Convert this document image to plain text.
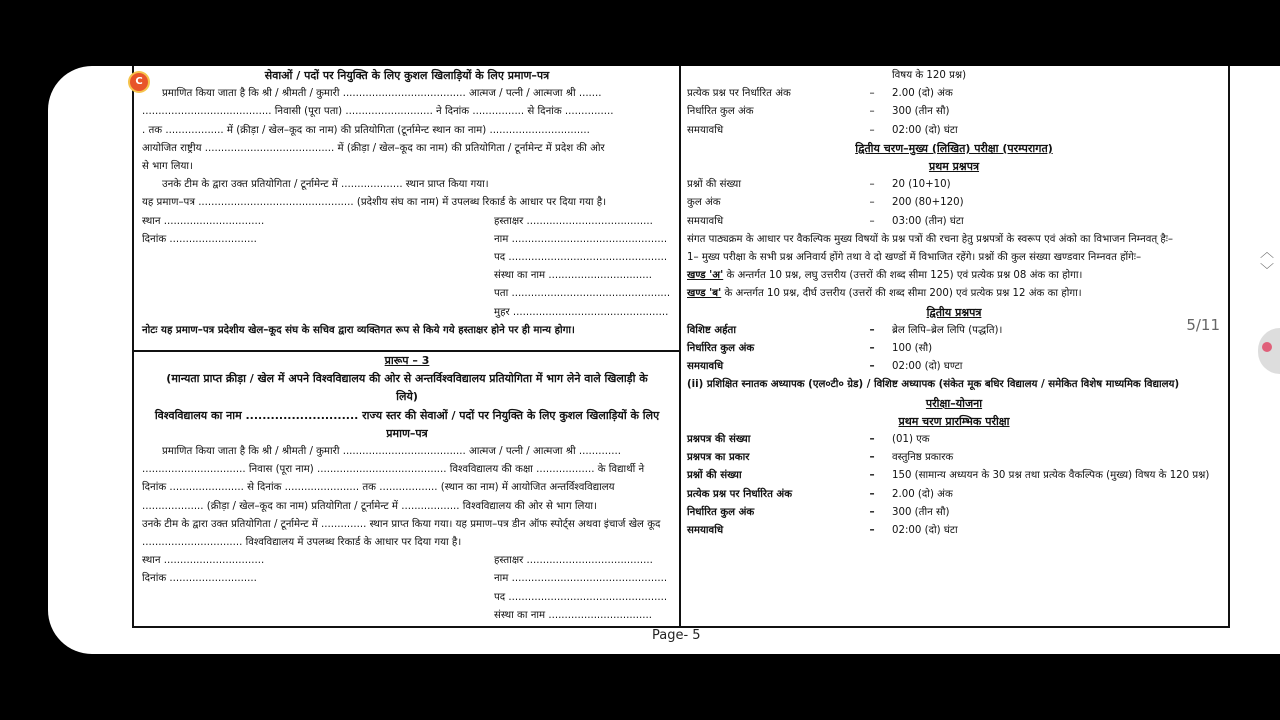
सेवाओं / पदों पर नियुक्ति के लिए कुशल खिलाड़ियों के लिए प्रमाण–पत्र
प्रमाणित किया जाता है कि श्री / श्रीमती / कुमारी ...................................... आत्मज / पत्नी / आत्मजा श्री .......
........................................ निवासी (पूरा पता) ........................... ने दिनांक ................ से दिनांक ...............
. तक .................. में (क्रीड़ा / खेल–कूद का नाम) की प्रतियोगिता (टूर्नामेन्ट स्थान का नाम) ...............................
आयोजित राष्ट्रीय ........................................ में (क्रीड़ा / खेल–कूद का नाम) की प्रतियोगिता / टूर्नामेन्ट में प्रदेश की ओर
से भाग लिया।
उनके टीम के द्वारा उक्त प्रतियोगिता / टूर्नामेन्ट में ................... स्थान प्राप्त किया गया।
यह प्रमाण–पत्र ................................................ (प्रदेशीय संघ का नाम) में उपलब्ध रिकार्ड के आधार पर दिया गया है।
स्थान ...............................	हस्ताक्षर .......................................
दिनांक ...........................	नाम ................................................
पद .................................................
संस्था का नाम ................................
पता .................................................
मुहर ................................................
नोटः यह प्रमाण–पत्र प्रदेशीय खेल–कूद संघ के सचिव द्वारा व्यक्तिगत रूप से किये गये हस्ताक्षर होने पर ही मान्य होगा।
प्रारूप – 3
(मान्यता प्राप्त क्रीड़ा / खेल में अपने विश्वविद्यालय की ओर से अन्तर्विश्वविद्यालय प्रतियोगिता में भाग लेने वाले खिलाड़ी के लिये)
विश्वविद्यालय का नाम ........................... राज्य स्तर की सेवाओं / पदों पर नियुक्ति के लिए कुशल खिलाड़ियों के लिए प्रमाण–पत्र
प्रमाणित किया जाता है कि श्री / श्रीमती / कुमारी ...................................... आत्मज / पत्नी / आत्मजा श्री .............
................................ निवास (पूरा नाम) ........................................ विश्वविद्यालय की कक्षा .................. के विद्यार्थी ने
दिनांक ....................... से दिनांक ....................... तक .................. (स्थान का नाम) में आयोजित अन्तर्विश्वविद्यालय
................... (क्रीड़ा / खेल–कूद का नाम) प्रतियोगिता / टूर्नामेन्ट में .................. विश्वविद्यालय की ओर से भाग लिया।
उनके टीम के द्वारा उक्त प्रतियोगिता / टूर्नामेन्ट में .............. स्थान प्राप्त किया गया। यह प्रमाण–पत्र डीन ऑफ स्पोर्ट्स अथवा इंचार्ज खेल कूद ............................... विश्वविद्यालय में उपलब्ध रिकार्ड के आधार पर दिया गया है।
स्थान ...............................	हस्ताक्षर .......................................
दिनांक ...........................	नाम ................................................
पद .................................................
संस्था का नाम ................................
विषय के 120 प्रश्न)
प्रत्येक प्रश्न पर निर्धारित अंक	–	2.00 (दो) अंक
निर्धारित कुल अंक	–	300 (तीन सौ)
समयावधि	–	02:00 (दो) घंटा
द्वितीय चरण–मुख्य (लिखित) परीक्षा (परम्परागत)
प्रथम प्रश्नपत्र
प्रश्नों की संख्या	–	20 (10+10)
कुल अंक	–	200 (80+120)
समयावधि	–	03:00 (तीन) घंटा
संगत पाठ्यक्रम के आधार पर वैकल्पिक मुख्य विषयों के प्रश्न पत्रों की रचना हेतु प्रश्नपत्रों के स्वरूप एवं अंको का विभाजन निम्नवत् हैः–
1– मुख्य परीक्षा के सभी प्रश्न अनिवार्य होंगे तथा वे दो खण्डों में विभाजित रहेंगे। प्रश्नों की कुल संख्या खण्डवार निम्नवत होंगेः–
खण्ड 'अ' के अन्तर्गत 10 प्रश्न, लघु उत्तरीय (उत्तरों की शब्द सीमा 125) एवं प्रत्येक प्रश्न 08 अंक का होगा।
खण्ड 'ब' के अन्तर्गत 10 प्रश्न, दीर्घ उत्तरीय (उत्तरों की शब्द सीमा 200) एवं प्रत्येक प्रश्न 12 अंक का होगा।
द्वितीय प्रश्नपत्र
विशिष्ट अर्हता	–	ब्रेल लिपि–ब्रेल लिपि (पद्धति)।
निर्धारित कुल अंक	–	100 (सौ)
समयावधि	–	02:00 (दो) घण्टा
(ii) प्रशिक्षित स्नातक अध्यापक (एल०टी० ग्रेड) / विशिष्ट अध्यापक (संकेत मूक बधिर विद्यालय / समेकित विशेष माध्यमिक विद्यालय)
परीक्षा–योजना
प्रथम चरण प्रारम्भिक परीक्षा
प्रश्नपत्र की संख्या	–	(01) एक
प्रश्नपत्र का प्रकार	–	वस्तुनिष्ठ प्रकारक
प्रश्नों की संख्या	–	150 (सामान्य अध्ययन के 30 प्रश्न तथा प्रत्येक वैकल्पिक (मुख्य) विषय के 120 प्रश्न)
प्रत्येक प्रश्न पर निर्धारित अंक	–	2.00 (दो) अंक
निर्धारित कुल अंक	–	300 (तीन सौ)
समयावधि	–	02:00 (दो) घंटा
C
Page- 5
5/11
︿
﹀
